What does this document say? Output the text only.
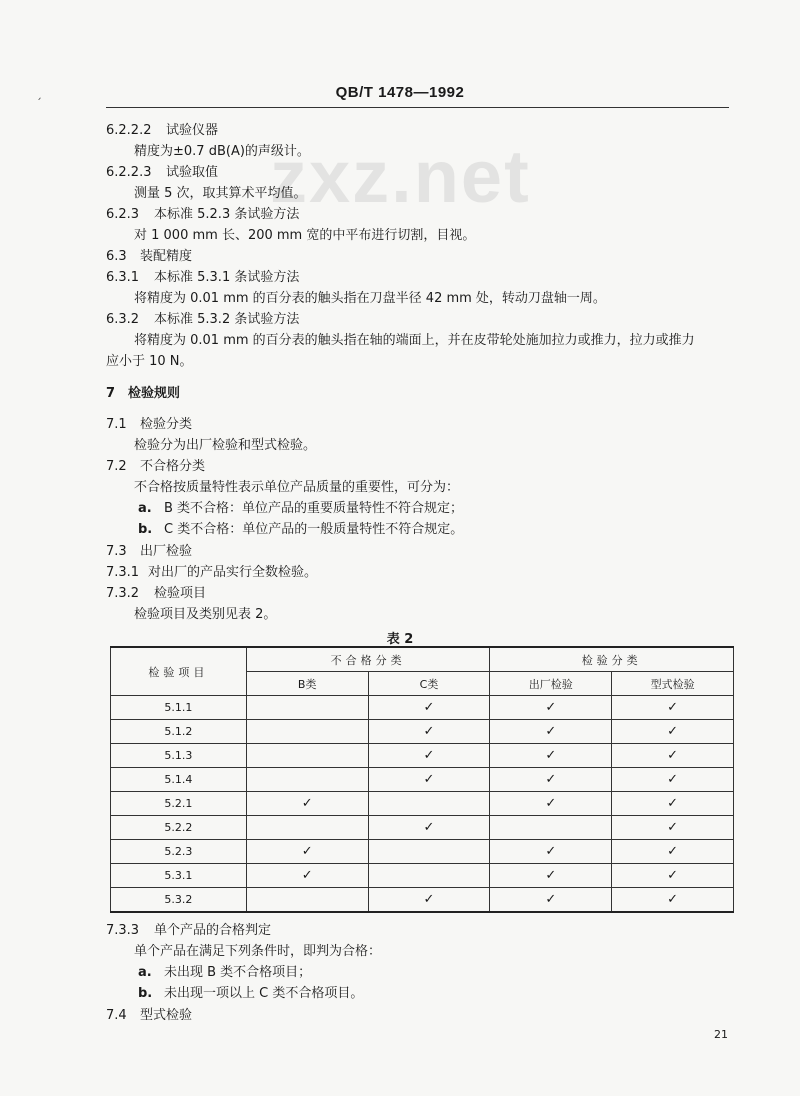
ˏ	QB/T 1478—1992
zxz.net
6.2.2.2 试验仪器
精度为±0.7 dB(A)的声级计。
6.2.2.3 试验取值
测量 5 次，取其算术平均值。
6.2.3 本标准 5.2.3 条试验方法
对 1 000 mm 长、200 mm 宽的中平布进行切割，目视。
6.3 装配精度
6.3.1 本标准 5.3.1 条试验方法
将精度为 0.01 mm 的百分表的触头指在刀盘半径 42 mm 处，转动刀盘轴一周。
6.3.2 本标准 5.3.2 条试验方法
将精度为 0.01 mm 的百分表的触头指在轴的端面上，并在皮带轮处施加拉力或推力，拉力或推力
应小于 10 N。
7 检验规则
7.1 检验分类
检验分为出厂检验和型式检验。
7.2 不合格分类
不合格按质量特性表示单位产品质量的重要性，可分为：
a. B 类不合格：单位产品的重要质量特性不符合规定；
b. C 类不合格：单位产品的一般质量特性不符合规定。
7.3 出厂检验
7.3.1 对出厂的产品实行全数检验。
7.3.2 检验项目
检验项目及类别见表 2。
表 2
检验项目	不合格分类		检验分类	
	B类	C类	出厂检验	型式检验
5.1.1		✓	✓	✓
5.1.2		✓	✓	✓
5.1.3		✓	✓	✓
5.1.4		✓	✓	✓
5.2.1	✓		✓	✓
5.2.2		✓		✓
5.2.3	✓		✓	✓
5.3.1	✓		✓	✓
5.3.2		✓	✓	✓
7.3.3 单个产品的合格判定
单个产品在满足下列条件时，即判为合格：
a. 未出现 B 类不合格项目；
b. 未出现一项以上 C 类不合格项目。
7.4 型式检验
21
